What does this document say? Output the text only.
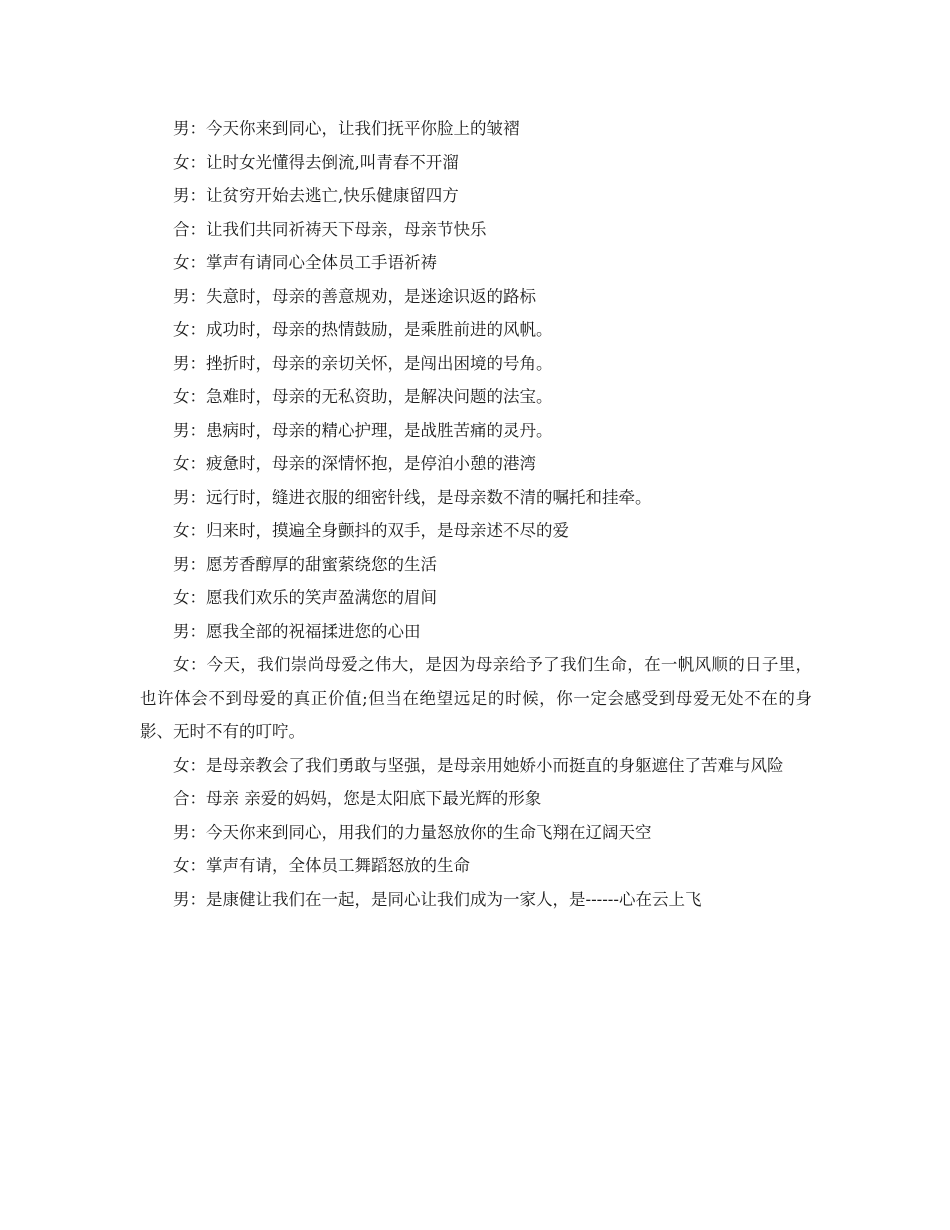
男：今天你来到同心，让我们抚平你脸上的皱褶

女：让时女光懂得去倒流,叫青春不开溜

男：让贫穷开始去逃亡,快乐健康留四方

合：让我们共同祈祷天下母亲，母亲节快乐

女：掌声有请同心全体员工手语祈祷

男：失意时，母亲的善意规劝，是迷途识返的路标

女：成功时，母亲的热情鼓励，是乘胜前进的风帆。

男：挫折时，母亲的亲切关怀，是闯出困境的号角。

女：急难时，母亲的无私资助，是解决问题的法宝。

男：患病时，母亲的精心护理，是战胜苦痛的灵丹。

女：疲惫时，母亲的深情怀抱，是停泊小憩的港湾

男：远行时，缝进衣服的细密针线，是母亲数不清的嘱托和挂牵。

女：归来时，摸遍全身颤抖的双手，是母亲述不尽的爱

男：愿芳香醇厚的甜蜜萦绕您的生活

女：愿我们欢乐的笑声盈满您的眉间

男：愿我全部的祝福揉进您的心田

女：今天，我们崇尚母爱之伟大，是因为母亲给予了我们生命，在一帆风顺的日子里，也许体会不到母爱的真正价值;但当在绝望远足的时候，你一定会感受到母爱无处不在的身影、无时不有的叮咛。

女：是母亲教会了我们勇敢与坚强，是母亲用她娇小而挺直的身躯遮住了苦难与风险

合：母亲 亲爱的妈妈，您是太阳底下最光辉的形象

男：今天你来到同心，用我们的力量怒放你的生命飞翔在辽阔天空

女：掌声有请，全体员工舞蹈怒放的生命

男：是康健让我们在一起，是同心让我们成为一家人，是------心在云上飞
